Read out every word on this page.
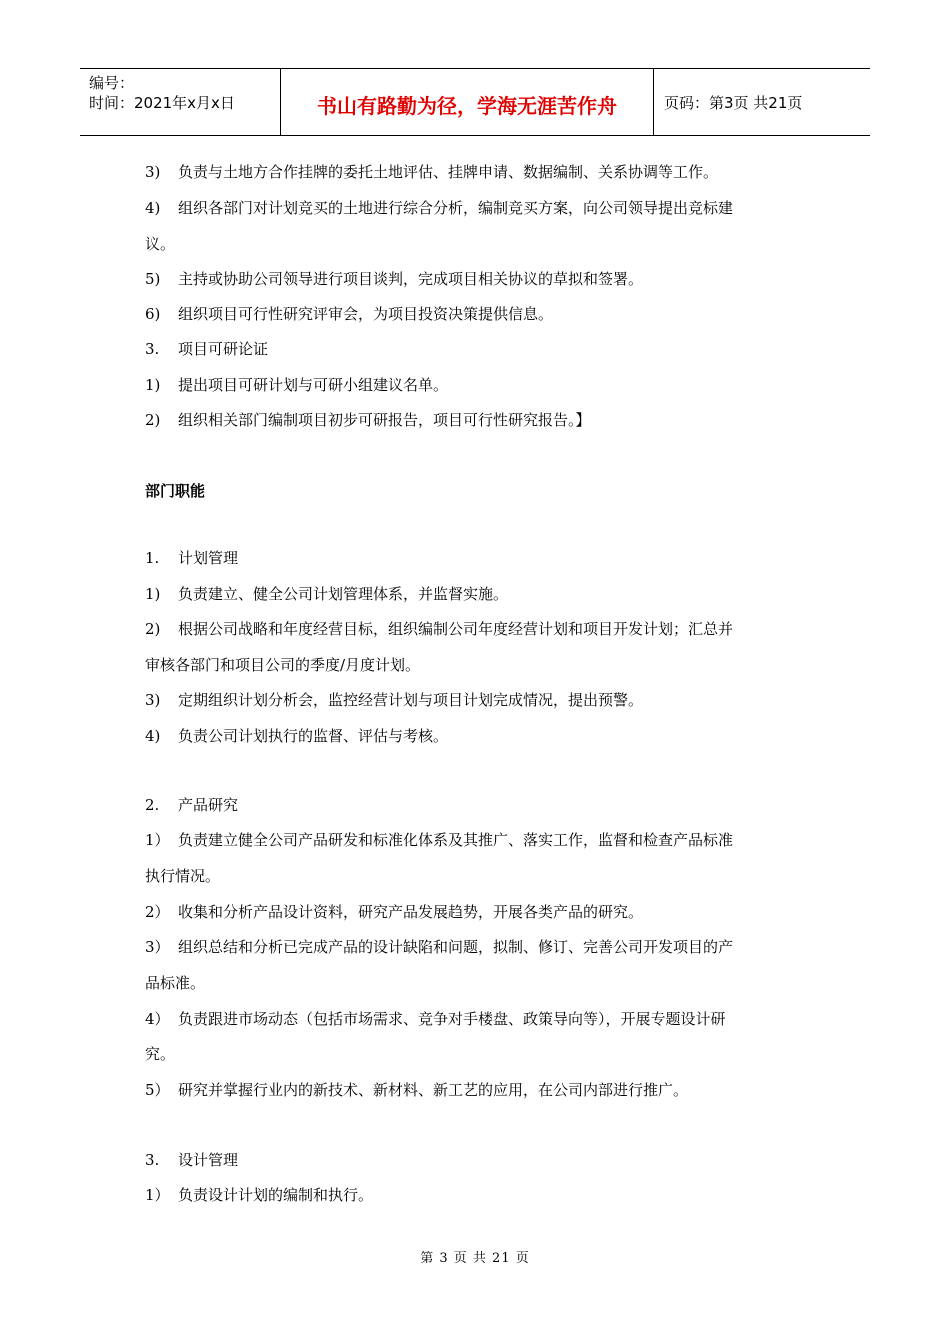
编号：
时间：2021年x月x日	书山有路勤为径，学海无涯苦作舟	页码：第3页 共21页
3) 负责与土地方合作挂牌的委托土地评估、挂牌申请、数据编制、关系协调等工作。
4) 组织各部门对计划竞买的土地进行综合分析，编制竞买方案，向公司领导提出竞标建
议。
5) 主持或协助公司领导进行项目谈判，完成项目相关协议的草拟和签署。
6) 组织项目可行性研究评审会，为项目投资决策提供信息。
3. 项目可研论证
1) 提出项目可研计划与可研小组建议名单。
2) 组织相关部门编制项目初步可研报告，项目可行性研究报告。】
部门职能
1. 计划管理
1) 负责建立、健全公司计划管理体系，并监督实施。
2) 根据公司战略和年度经营目标，组织编制公司年度经营计划和项目开发计划；汇总并
审核各部门和项目公司的季度/月度计划。
3) 定期组织计划分析会，监控经营计划与项目计划完成情况，提出预警。
4) 负责公司计划执行的监督、评估与考核。
2. 产品研究
1） 负责建立健全公司产品研发和标准化体系及其推广、落实工作，监督和检查产品标准
执行情况。
2） 收集和分析产品设计资料，研究产品发展趋势，开展各类产品的研究。
3） 组织总结和分析已完成产品的设计缺陷和问题，拟制、修订、完善公司开发项目的产
品标准。
4） 负责跟进市场动态（包括市场需求、竞争对手楼盘、政策导向等），开展专题设计研
究。
5） 研究并掌握行业内的新技术、新材料、新工艺的应用，在公司内部进行推广。
3. 设计管理
1） 负责设计计划的编制和执行。
第 3 页 共 21 页
